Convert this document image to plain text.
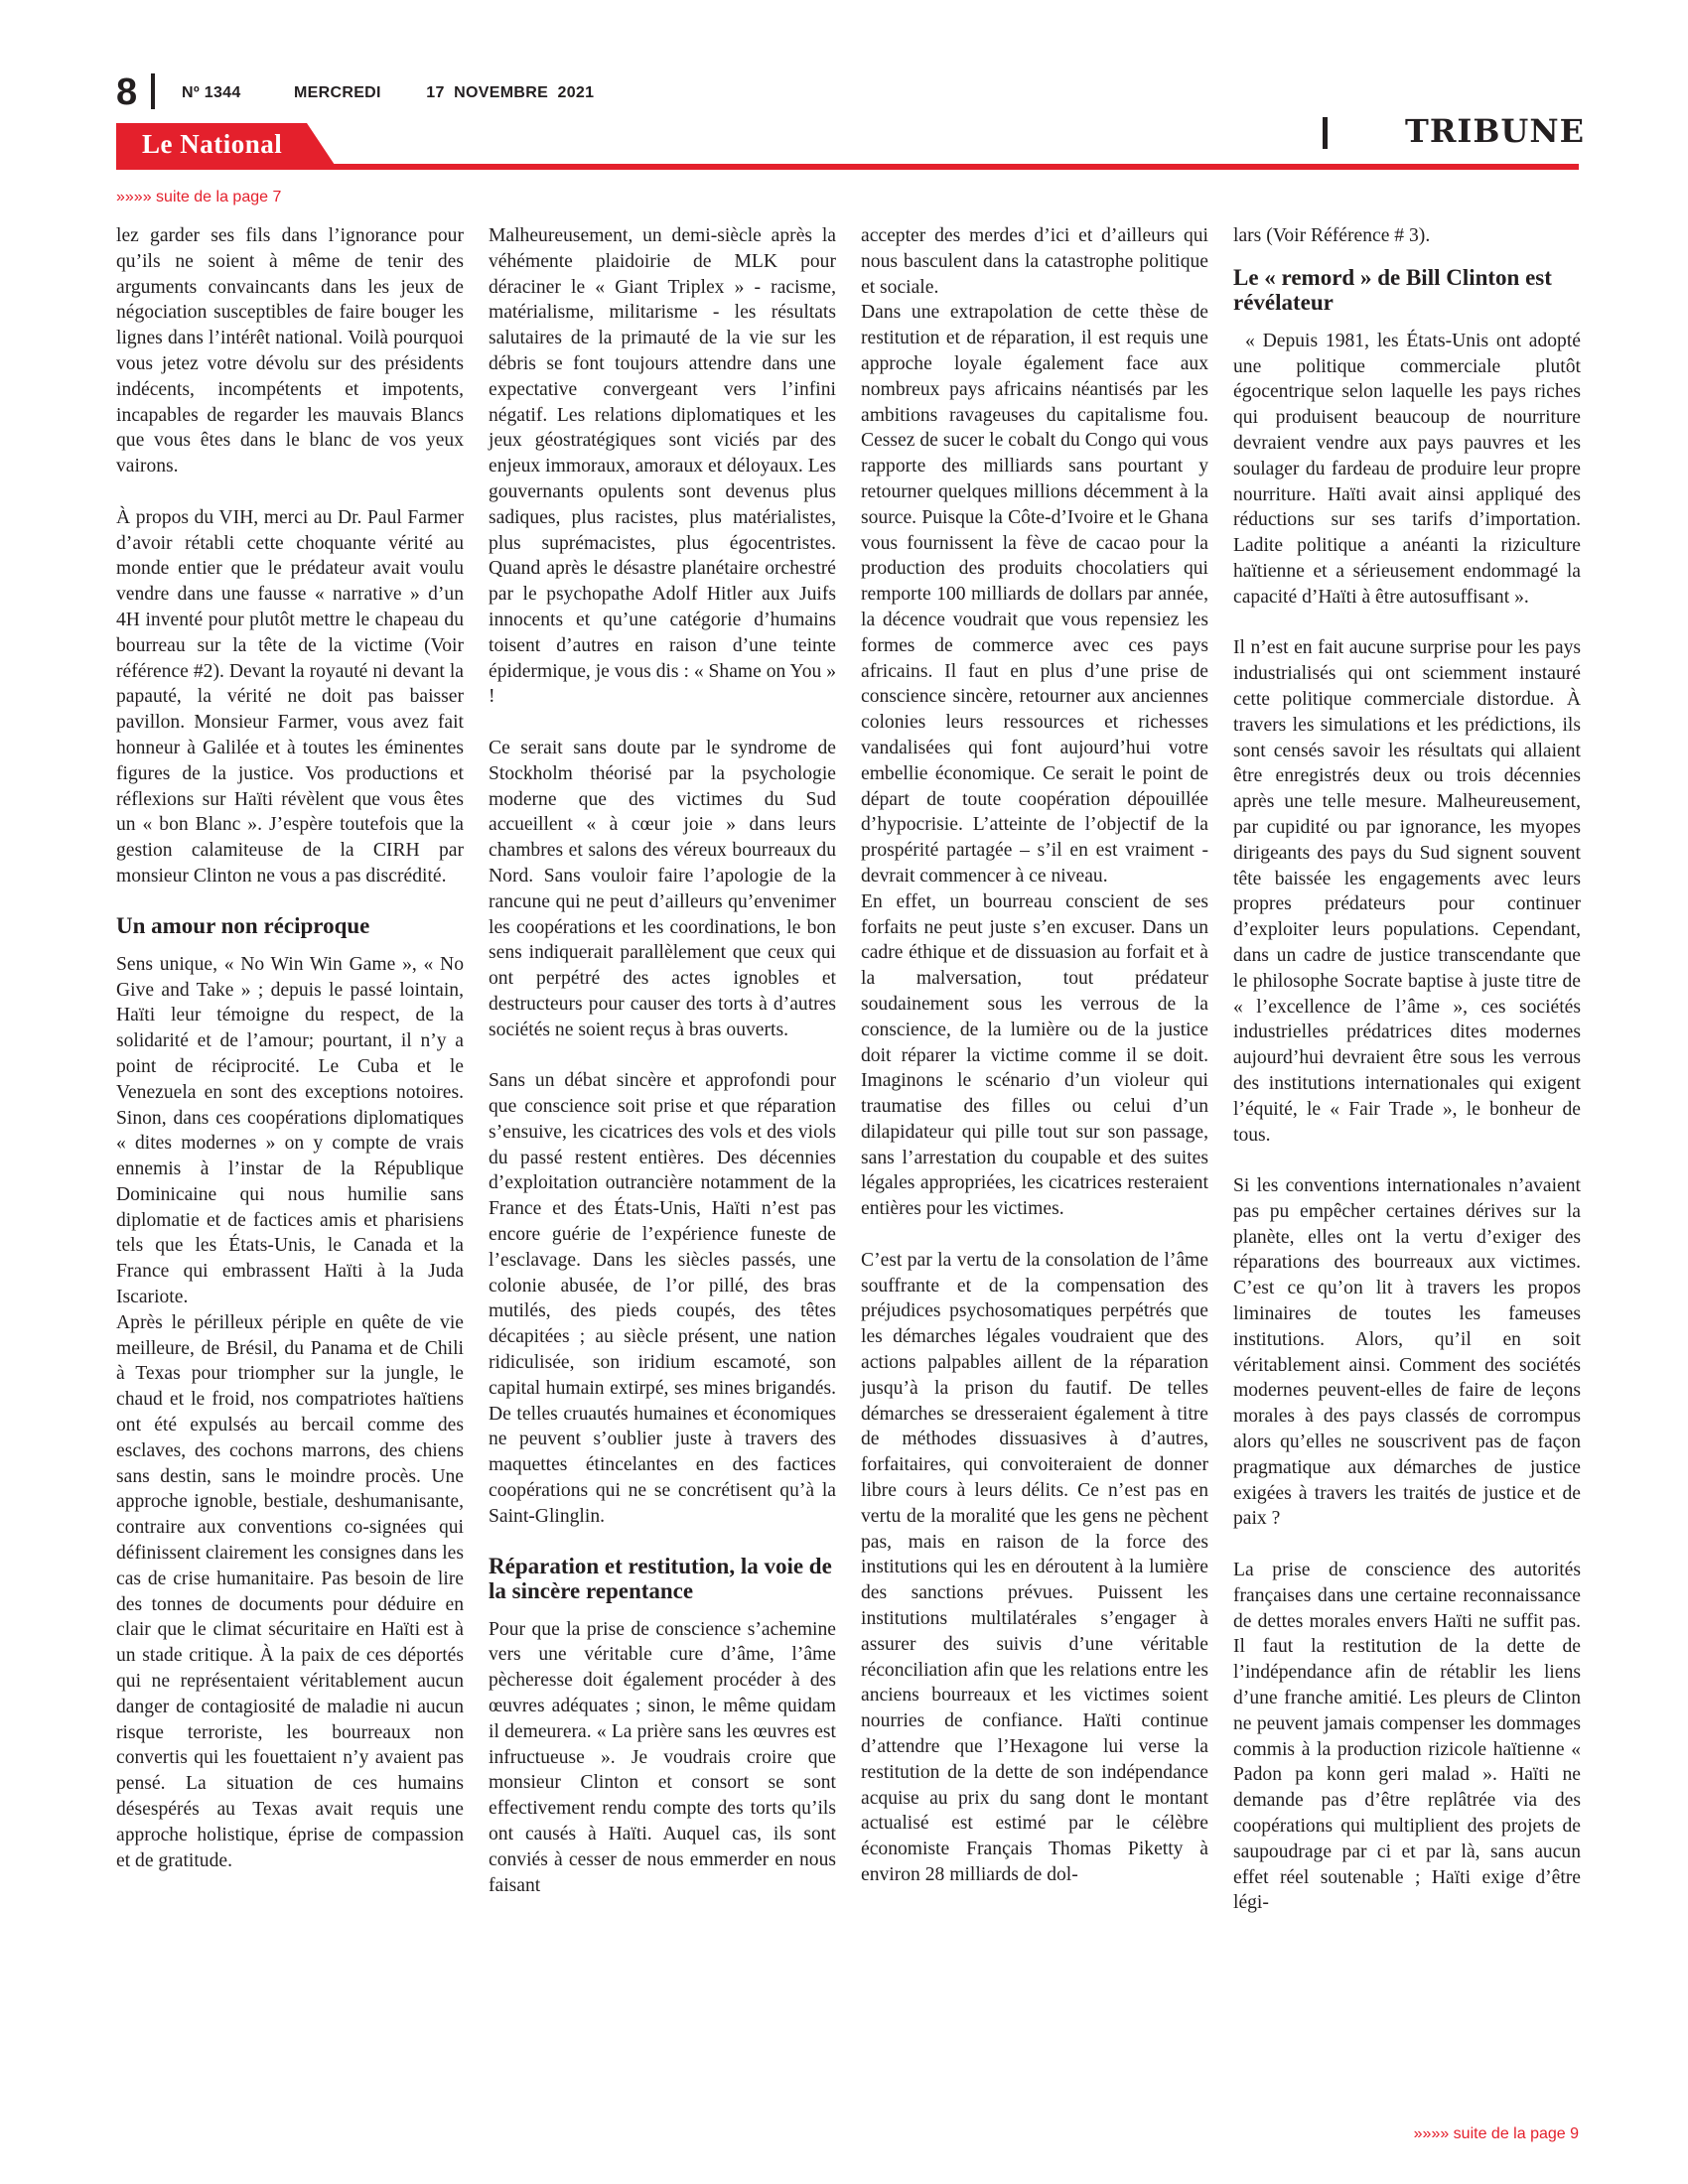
8	Nº 1344	MERCREDI	17  NOVEMBRE  2021
Le National	TRIBUNE
»»»» suite de la page 7

lez garder ses fils dans l’ignorance pour qu’ils ne soient à même de tenir des arguments convaincants dans les jeux de négociation susceptibles de faire bouger les lignes dans l’intérêt national. Voilà pourquoi vous jetez votre dévolu sur des présidents indécents, incompétents et impotents, incapables de regarder les mauvais Blancs que vous êtes dans le blanc de vos yeux vairons.

À propos du VIH, merci au Dr. Paul Farmer d’avoir rétabli cette choquante vérité au monde entier que le prédateur avait voulu vendre dans une fausse « narrative » d’un 4H inventé pour plutôt mettre le chapeau du bourreau sur la tête de la victime (Voir référence #2). Devant la royauté ni devant la papauté, la vérité ne doit pas baisser pavillon. Monsieur Farmer, vous avez fait honneur à Galilée et à toutes les éminentes figures de la justice. Vos productions et réflexions sur Haïti révèlent que vous êtes un « bon Blanc ». J’espère toutefois que la gestion calamiteuse de la CIRH par monsieur Clinton ne vous a pas discrédité.

Un amour non réciproque

Sens unique, « No Win Win Game », « No Give and Take » ; depuis le passé lointain, Haïti leur témoigne du respect, de la solidarité et de l’amour; pourtant, il n’y a point de réciprocité. Le Cuba et le Venezuela en sont des exceptions notoires. Sinon, dans ces coopérations diplomatiques « dites modernes » on y compte de vrais ennemis à l’instar de la République Dominicaine qui nous humilie sans diplomatie et de factices amis et pharisiens tels que les États-Unis, le Canada et la France qui embrassent Haïti à la Juda Iscariote.

Après le périlleux périple en quête de vie meilleure, de Brésil, du Panama et de Chili à Texas pour triompher sur la jungle, le chaud et le froid, nos compatriotes haïtiens ont été expulsés au bercail comme des esclaves, des cochons marrons, des chiens sans destin, sans le moindre procès. Une approche ignoble, bestiale, deshumanisante, contraire aux conventions co-signées qui définissent clairement les consignes dans les cas de crise humanitaire. Pas besoin de lire des tonnes de documents pour déduire en clair que le climat sécuritaire en Haïti est à un stade critique. À la paix de ces déportés qui ne représentaient véritablement aucun danger de contagiosité de maladie ni aucun risque terroriste, les bourreaux non convertis qui les fouettaient n’y avaient pas pensé. La situation de ces humains désespérés au Texas avait requis une approche holistique, éprise de compassion et de gratitude.

Malheureusement, un demi-siècle après la véhémente plaidoirie de MLK pour déraciner le « Giant Triplex » - racisme, matérialisme, militarisme - les résultats salutaires de la primauté de la vie sur les débris se font toujours attendre dans une expectative convergeant vers l’infini négatif. Les relations diplomatiques et les jeux géostratégiques sont viciés par des enjeux immoraux, amoraux et déloyaux. Les gouvernants opulents sont devenus plus sadiques, plus racistes, plus matérialistes, plus suprémacistes, plus égocentristes. Quand après le désastre planétaire orchestré par le psychopathe Adolf Hitler aux Juifs innocents et qu’une catégorie d’humains toisent d’autres en raison d’une teinte épidermique, je vous dis : « Shame on You » !

Ce serait sans doute par le syndrome de Stockholm théorisé par la psychologie moderne que des victimes du Sud accueillent « à cœur joie » dans leurs chambres et salons des véreux bourreaux du Nord. Sans vouloir faire l’apologie de la rancune qui ne peut d’ailleurs qu’envenimer les coopérations et les coordinations, le bon sens indiquerait parallèlement que ceux qui ont perpétré des actes ignobles et destructeurs pour causer des torts à d’autres sociétés ne soient reçus à bras ouverts.

Sans un débat sincère et approfondi pour que conscience soit prise et que réparation s’ensuive, les cicatrices des vols et des viols du passé restent entières. Des décennies d’exploitation outrancière notamment de la France et des États-Unis, Haïti n’est pas encore guérie de l’expérience funeste de l’esclavage. Dans les siècles passés, une colonie abusée, de l’or pillé, des bras mutilés, des pieds coupés, des têtes décapitées ; au siècle présent, une nation ridiculisée, son iridium escamoté, son capital humain extirpé, ses mines brigandés. De telles cruautés humaines et économiques ne peuvent s’oublier juste à travers des maquettes étincelantes en des factices coopérations qui ne se concrétisent qu’à la Saint-Glinglin.

Réparation et restitution, la voie de la sincère repentance

Pour que la prise de conscience s’achemine vers une véritable cure d’âme, l’âme pècheresse doit également procéder à des œuvres adéquates ; sinon, le même quidam il demeurera. « La prière sans les œuvres est infructueuse ». Je voudrais croire que monsieur Clinton et consort se sont effectivement rendu compte des torts qu’ils ont causés à Haïti. Auquel cas, ils sont conviés à cesser de nous emmerder en nous faisant

accepter des merdes d’ici et d’ailleurs qui nous basculent dans la catastrophe politique et sociale.

Dans une extrapolation de cette thèse de restitution et de réparation, il est requis une approche loyale également face aux nombreux pays africains néantisés par les ambitions ravageuses du capitalisme fou. Cessez de sucer le cobalt du Congo qui vous rapporte des milliards sans pourtant y retourner quelques millions décemment à la source. Puisque la Côte-d’Ivoire et le Ghana vous fournissent la fève de cacao pour la production des produits chocolatiers qui remporte 100 milliards de dollars par année, la décence voudrait que vous repensiez les formes de commerce avec ces pays africains. Il faut en plus d’une prise de conscience sincère, retourner aux anciennes colonies leurs ressources et richesses vandalisées qui font aujourd’hui votre embellie économique. Ce serait le point de départ de toute coopération dépouillée d’hypocrisie. L’atteinte de l’objectif de la prospérité partagée – s’il en est vraiment - devrait commencer à ce niveau.

En effet, un bourreau conscient de ses forfaits ne peut juste s’en excuser. Dans un cadre éthique et de dissuasion au forfait et à la malversation, tout prédateur soudainement sous les verrous de la conscience, de la lumière ou de la justice doit réparer la victime comme il se doit. Imaginons le scénario d’un violeur qui traumatise des filles ou celui d’un dilapidateur qui pille tout sur son passage, sans l’arrestation du coupable et des suites légales appropriées, les cicatrices resteraient entières pour les victimes.

C’est par la vertu de la consolation de l’âme souffrante et de la compensation des préjudices psychosomatiques perpétrés que les démarches légales voudraient que des actions palpables aillent de la réparation jusqu’à la prison du fautif. De telles démarches se dresseraient également à titre de méthodes dissuasives à d’autres, forfaitaires, qui convoiteraient de donner libre cours à leurs délits. Ce n’est pas en vertu de la moralité que les gens ne pèchent pas, mais en raison de la force des institutions qui les en déroutent à la lumière des sanctions prévues. Puissent les institutions multilatérales s’engager à assurer des suivis d’une véritable réconciliation afin que les relations entre les anciens bourreaux et les victimes soient nourries de confiance. Haïti continue d’attendre que l’Hexagone lui verse la restitution de la dette de son indépendance acquise au prix du sang dont le montant actualisé est estimé par le célèbre économiste Français Thomas Piketty à environ 28 milliards de dol-

lars (Voir Référence # 3).

Le « remord » de Bill Clinton est révélateur

« Depuis 1981, les États-Unis ont adopté une politique commerciale plutôt égocentrique selon laquelle les pays riches qui produisent beaucoup de nourriture devraient vendre aux pays pauvres et les soulager du fardeau de produire leur propre nourriture. Haïti avait ainsi appliqué des réductions sur ses tarifs d’importation. Ladite politique a anéanti la riziculture haïtienne et a sérieusement endommagé la capacité d’Haïti à être autosuffisant ».

Il n’est en fait aucune surprise pour les pays industrialisés qui ont sciemment instauré cette politique commerciale distordue. À travers les simulations et les prédictions, ils sont censés savoir les résultats qui allaient être enregistrés deux ou trois décennies après une telle mesure. Malheureusement, par cupidité ou par ignorance, les myopes dirigeants des pays du Sud signent souvent tête baissée les engagements avec leurs propres prédateurs pour continuer d’exploiter leurs populations. Cependant, dans un cadre de justice transcendante que le philosophe Socrate baptise à juste titre de « l’excellence de l’âme », ces sociétés industrielles prédatrices dites modernes aujourd’hui devraient être sous les verrous des institutions internationales qui exigent l’équité, le « Fair Trade », le bonheur de tous.

Si les conventions internationales n’avaient pas pu empêcher certaines dérives sur la planète, elles ont la vertu d’exiger des réparations des bourreaux aux victimes. C’est ce qu’on lit à travers les propos liminaires de toutes les fameuses institutions. Alors, qu’il en soit véritablement ainsi. Comment des sociétés modernes peuvent-elles de faire de leçons morales à des pays classés de corrompus alors qu’elles ne souscrivent pas de façon pragmatique aux démarches de justice exigées à travers les traités de justice et de paix ?

La prise de conscience des autorités françaises dans une certaine reconnaissance de dettes morales envers Haïti ne suffit pas. Il faut la restitution de la dette de l’indépendance afin de rétablir les liens d’une franche amitié. Les pleurs de Clinton ne peuvent jamais compenser les dommages commis à la production rizicole haïtienne « Padon pa konn geri malad ». Haïti ne demande pas d’être replâtrée via des coopérations qui multiplient des projets de saupoudrage par ci et par là, sans aucun effet réel soutenable ; Haïti exige d’être légi-

»»»» suite de la page 9
